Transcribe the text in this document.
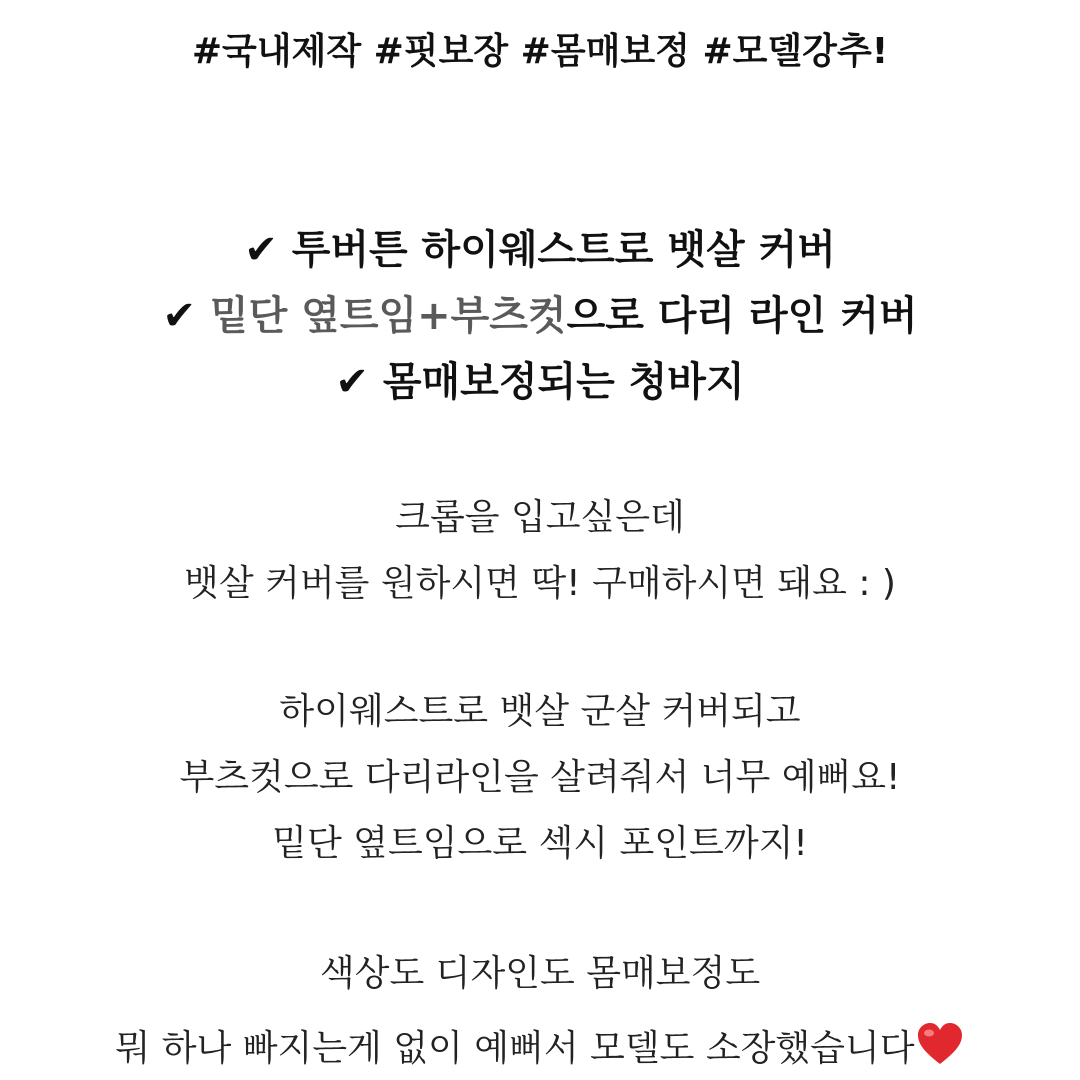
#국내제작 #핏보장 #몸매보정 #모델강추!
✔ 투버튼 하이웨스트로 뱃살 커버
✔ 밑단 옆트임+부츠컷으로 다리 라인 커버
✔ 몸매보정되는 청바지
크롭을 입고싶은데
뱃살 커버를 원하시면 딱! 구매하시면 돼요 : )
하이웨스트로 뱃살 군살 커버되고
부츠컷으로 다리라인을 살려줘서 너무 예뻐요!
밑단 옆트임으로 섹시 포인트까지!
색상도 디자인도 몸매보정도
뭐 하나 빠지는게 없이 예뻐서 모델도 소장했습니다
